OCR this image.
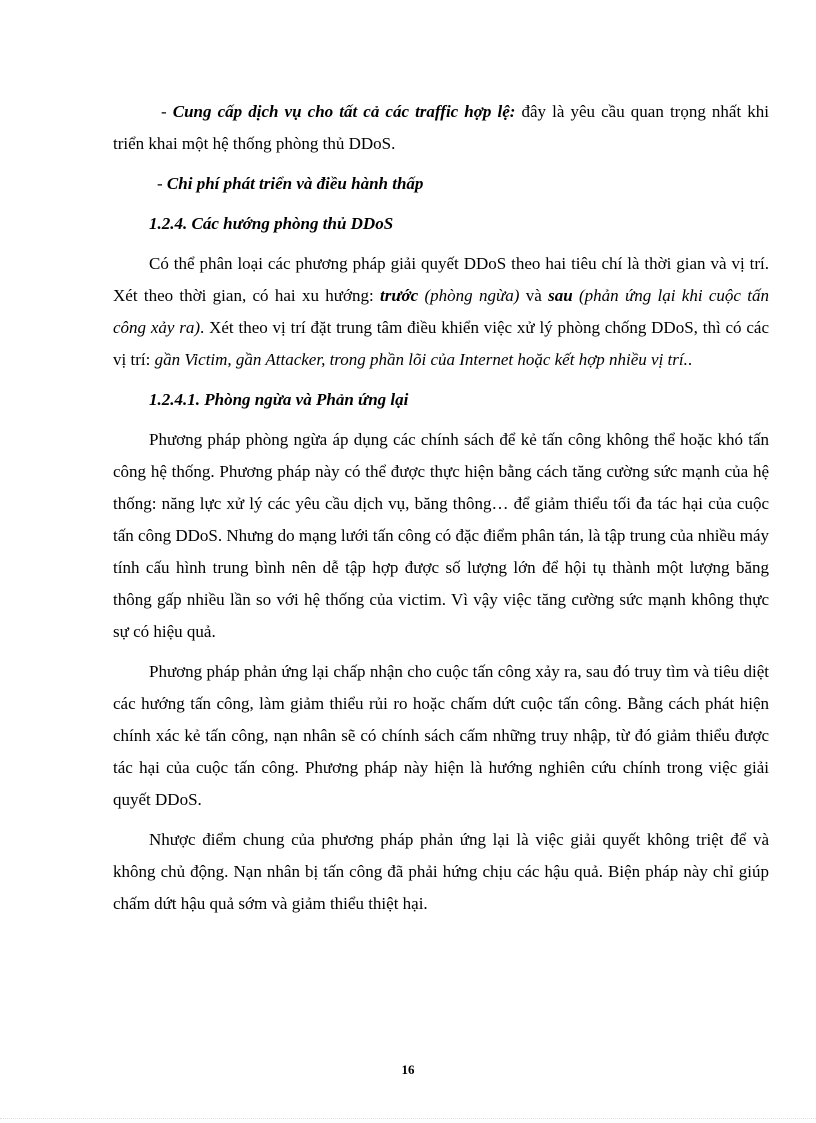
- Cung cấp dịch vụ cho tất cả các traffic hợp lệ: đây là yêu cầu quan trọng nhất khi triển khai một hệ thống phòng thủ DDoS.

- Chi phí phát triển và điều hành thấp

1.2.4. Các hướng phòng thủ DDoS

Có thể phân loại các phương pháp giải quyết DDoS theo hai tiêu chí là thời gian và vị trí. Xét theo thời gian, có hai xu hướng: trước (phòng ngừa) và sau (phản ứng lại khi cuộc tấn công xảy ra). Xét theo vị trí đặt trung tâm điều khiển việc xử lý phòng chống DDoS, thì có các vị trí: gần Victim, gần Attacker, trong phần lõi của Internet hoặc kết hợp nhiều vị trí..

1.2.4.1. Phòng ngừa và Phản ứng lại

Phương pháp phòng ngừa áp dụng các chính sách để kẻ tấn công không thể hoặc khó tấn công hệ thống. Phương pháp này có thể được thực hiện bằng cách tăng cường sức mạnh của hệ thống: năng lực xử lý các yêu cầu dịch vụ, băng thông… để giảm thiểu tối đa tác hại của cuộc tấn công DDoS. Nhưng do mạng lưới tấn công có đặc điểm phân tán, là tập trung của nhiều máy tính cấu hình trung bình nên dễ tập hợp được số lượng lớn để hội tụ thành một lượng băng thông gấp nhiều lần so với hệ thống của victim. Vì vậy việc tăng cường sức mạnh không thực sự có hiệu quả.

Phương pháp phản ứng lại chấp nhận cho cuộc tấn công xảy ra, sau đó truy tìm và tiêu diệt các hướng tấn công, làm giảm thiểu rủi ro hoặc chấm dứt cuộc tấn công. Bằng cách phát hiện chính xác kẻ tấn công, nạn nhân sẽ có chính sách cấm những truy nhập, từ đó giảm thiểu được tác hại của cuộc tấn công. Phương pháp này hiện là hướng nghiên cứu chính trong việc giải quyết DDoS.

Nhược điểm chung của phương pháp phản ứng lại là việc giải quyết không triệt để và không chủ động. Nạn nhân bị tấn công đã phải hứng chịu các hậu quả. Biện pháp này chỉ giúp chấm dứt hậu quả sớm và giảm thiểu thiệt hại.

16
